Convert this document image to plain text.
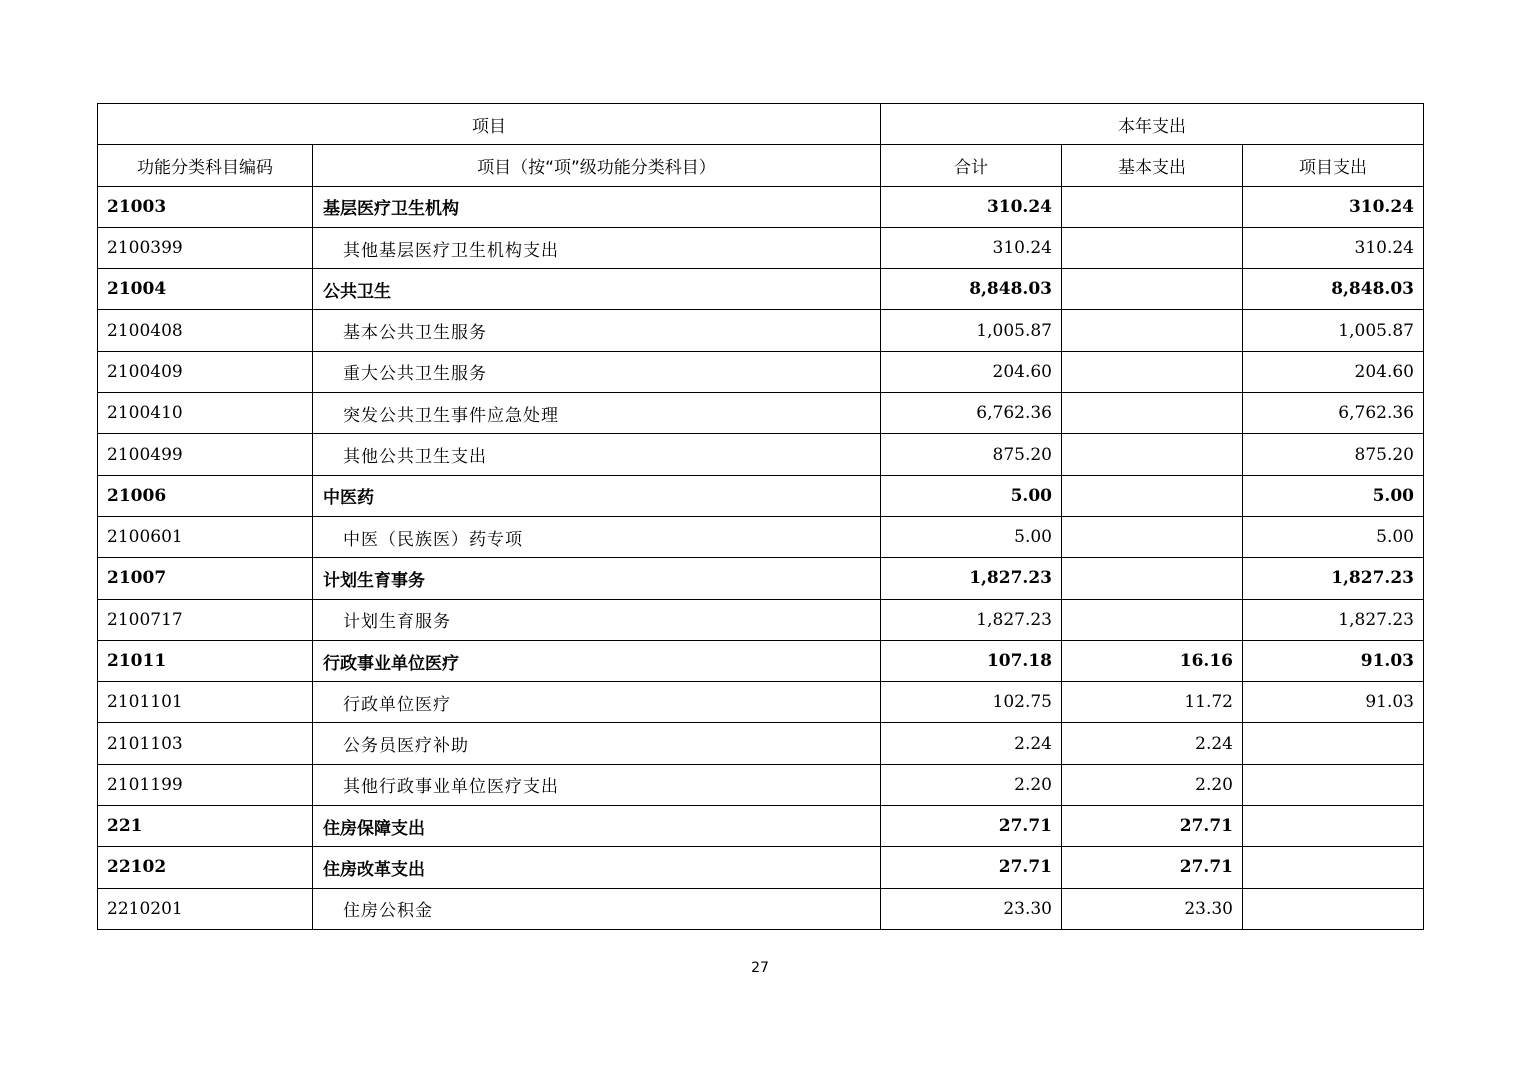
项目		本年支出		
功能分类科目编码	项目（按“项”级功能分类科目）	合计	基本支出	项目支出
21003	基层医疗卫生机构	310.24		310.24
2100399	其他基层医疗卫生机构支出	310.24		310.24
21004	公共卫生	8,848.03		8,848.03
2100408	基本公共卫生服务	1,005.87		1,005.87
2100409	重大公共卫生服务	204.60		204.60
2100410	突发公共卫生事件应急处理	6,762.36		6,762.36
2100499	其他公共卫生支出	875.20		875.20
21006	中医药	5.00		5.00
2100601	中医（民族医）药专项	5.00		5.00
21007	计划生育事务	1,827.23		1,827.23
2100717	计划生育服务	1,827.23		1,827.23
21011	行政事业单位医疗	107.18	16.16	91.03
2101101	行政单位医疗	102.75	11.72	91.03
2101103	公务员医疗补助	2.24	2.24	
2101199	其他行政事业单位医疗支出	2.20	2.20	
221	住房保障支出	27.71	27.71	
22102	住房改革支出	27.71	27.71	
2210201	住房公积金	23.30	23.30	
27
